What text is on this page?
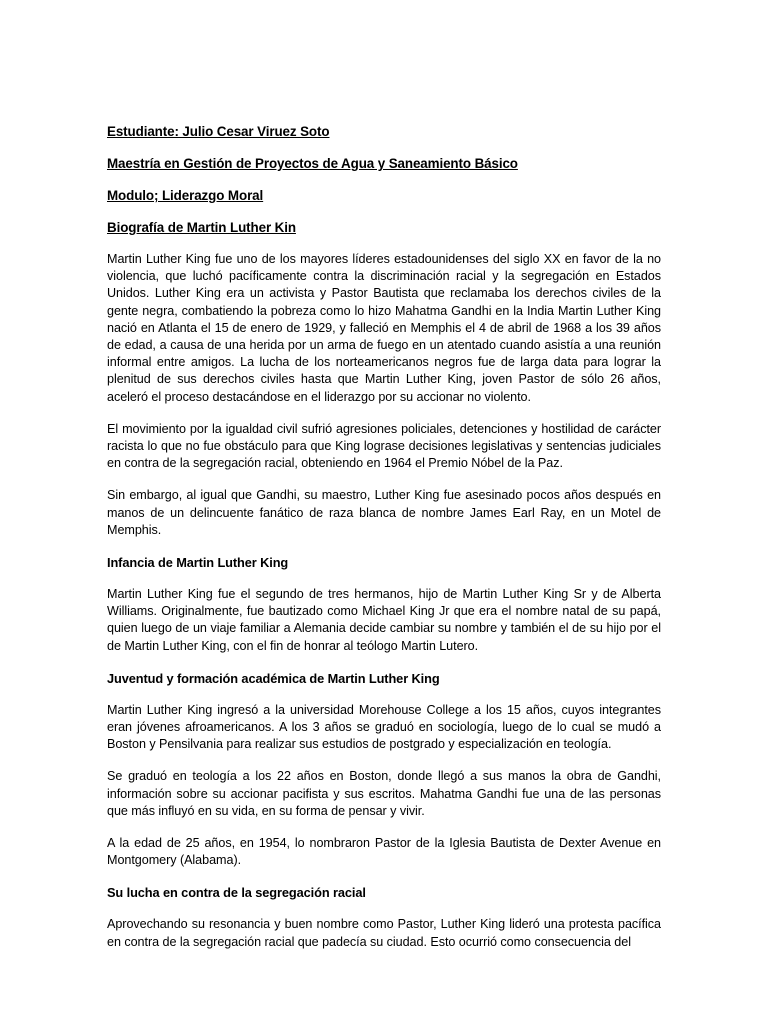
Estudiante: Julio Cesar Viruez Soto
Maestría en Gestión de Proyectos de Agua y Saneamiento Básico
Modulo; Liderazgo Moral
Biografía de Martin Luther Kin

Martin Luther King fue uno de los mayores líderes estadounidenses del siglo XX en favor de la no violencia, que luchó pacíficamente contra la discriminación racial y la segregación en Estados Unidos. Luther King era un activista y Pastor Bautista que reclamaba los derechos civiles de la gente negra, combatiendo la pobreza como lo hizo Mahatma Gandhi en la India Martin Luther King nació en Atlanta el 15 de enero de 1929, y falleció en Memphis el 4 de abril de 1968 a los 39 años de edad, a causa de una herida por un arma de fuego en un atentado cuando asistía a una reunión informal entre amigos. La lucha de los norteamericanos negros fue de larga data para lograr la plenitud de sus derechos civiles hasta que Martin Luther King, joven Pastor de sólo 26 años, aceleró el proceso destacándose en el liderazgo por su accionar no violento.

El movimiento por la igualdad civil sufrió agresiones policiales, detenciones y hostilidad de carácter racista lo que no fue obstáculo para que King lograse decisiones legislativas y sentencias judiciales en contra de la segregación racial, obteniendo en 1964 el Premio Nóbel de la Paz.

Sin embargo, al igual que Gandhi, su maestro, Luther King fue asesinado pocos años después en manos de un delincuente fanático de raza blanca de nombre James Earl Ray, en un Motel de Memphis.

Infancia de Martin Luther King

Martin Luther King fue el segundo de tres hermanos, hijo de Martin Luther King Sr y de Alberta Williams. Originalmente, fue bautizado como Michael King Jr que era el nombre natal de su papá, quien luego de un viaje familiar a Alemania decide cambiar su nombre y también el de su hijo por el de Martin Luther King, con el fin de honrar al teólogo Martin Lutero.

Juventud y formación académica de Martin Luther King

Martin Luther King ingresó a la universidad Morehouse College a los 15 años, cuyos integrantes eran jóvenes afroamericanos. A los 3 años se graduó en sociología, luego de lo cual se mudó a Boston y Pensilvania para realizar sus estudios de postgrado y especialización en teología.

Se graduó en teología a los 22 años en Boston, donde llegó a sus manos la obra de Gandhi, información sobre su accionar pacifista y sus escritos. Mahatma Gandhi fue una de las personas que más influyó en su vida, en su forma de pensar y vivir.

A la edad de 25 años, en 1954, lo nombraron Pastor de la Iglesia Bautista de Dexter Avenue en Montgomery (Alabama).

Su lucha en contra de la segregación racial

Aprovechando su resonancia y buen nombre como Pastor, Luther King lideró una protesta pacífica en contra de la segregación racial que padecía su ciudad. Esto ocurrió como consecuencia del
